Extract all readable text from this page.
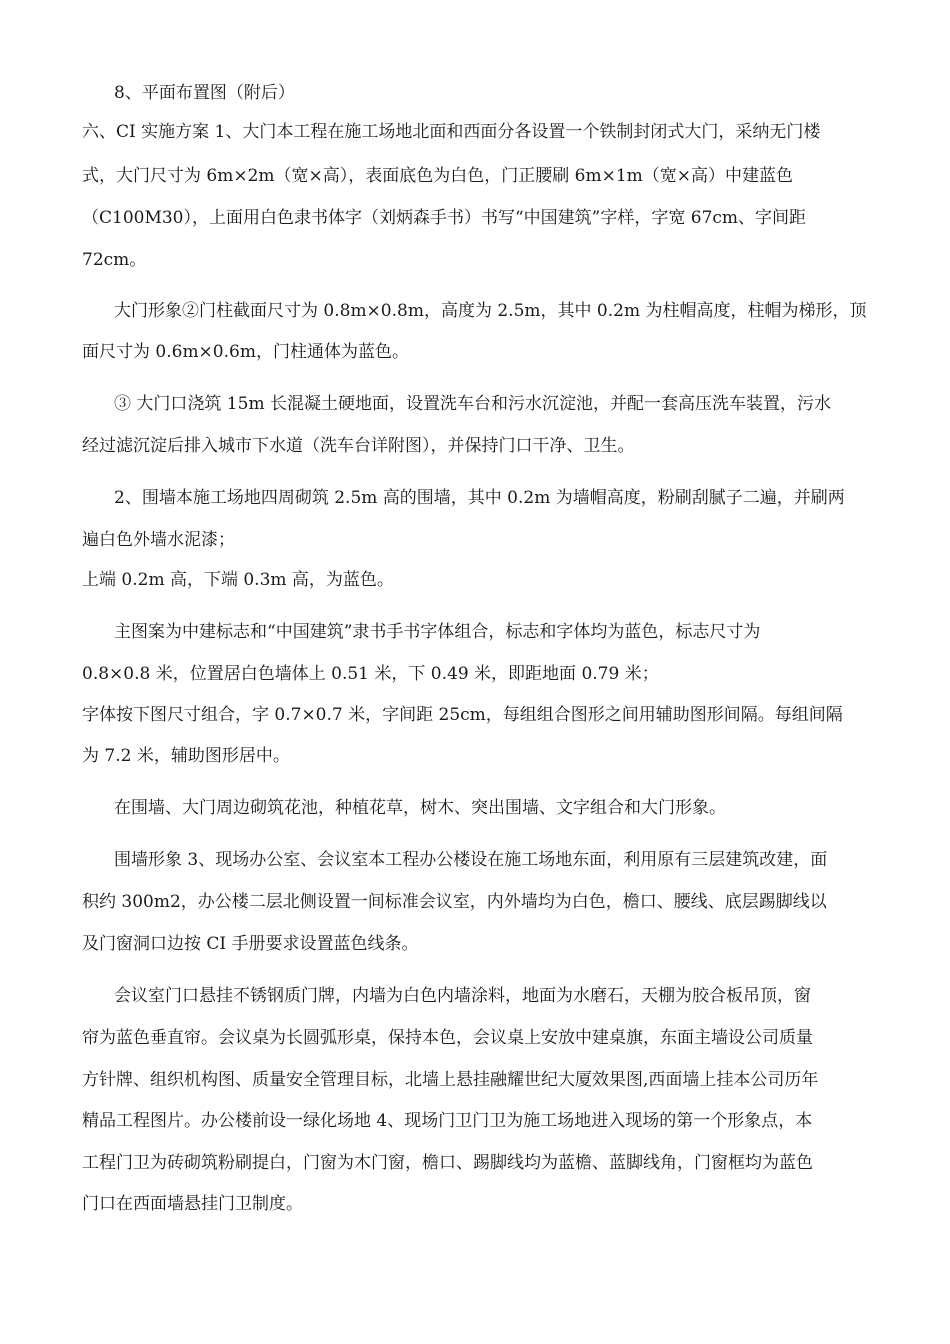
8、平面布置图（附后）
六、CI 实施方案 1、大门本工程在施工场地北面和西面分各设置一个铁制封闭式大门，采纳无门楼
式，大门尺寸为 6m×2m（宽×高），表面底色为白色，门正腰刷 6m×1m（宽×高）中建蓝色
（C100M30），上面用白色隶书体字（刘炳森手书）书写“中国建筑”字样，字宽 67cm、字间距
72cm。
大门形象②门柱截面尺寸为 0.8m×0.8m，高度为 2.5m，其中 0.2m 为柱帽高度，柱帽为梯形，顶
面尺寸为 0.6m×0.6m，门柱通体为蓝色。
③ 大门口浇筑 15m 长混凝土硬地面，设置洗车台和污水沉淀池，并配一套高压洗车装置，污水
经过滤沉淀后排入城市下水道（洗车台详附图），并保持门口干净、卫生。
2、围墙本施工场地四周砌筑 2.5m 高的围墙，其中 0.2m 为墙帽高度，粉刷刮腻子二遍，并刷两
遍白色外墙水泥漆；
上端 0.2m 高，下端 0.3m 高，为蓝色。
主图案为中建标志和“中国建筑”隶书手书字体组合，标志和字体均为蓝色，标志尺寸为
0.8×0.8 米，位置居白色墙体上 0.51 米，下 0.49 米，即距地面 0.79 米；
字体按下图尺寸组合，字 0.7×0.7 米，字间距 25cm，每组组合图形之间用辅助图形间隔。每组间隔
为 7.2 米，辅助图形居中。
在围墙、大门周边砌筑花池，种植花草，树木、突出围墙、文字组合和大门形象。
围墙形象 3、现场办公室、会议室本工程办公楼设在施工场地东面，利用原有三层建筑改建，面
积约 300m2，办公楼二层北侧设置一间标准会议室，内外墙均为白色，檐口、腰线、底层踢脚线以
及门窗洞口边按 CI 手册要求设置蓝色线条。
会议室门口悬挂不锈钢质门牌，内墙为白色内墙涂料，地面为水磨石，天棚为胶合板吊顶，窗
帘为蓝色垂直帘。会议桌为长圆弧形桌，保持本色，会议桌上安放中建桌旗，东面主墙设公司质量
方针牌、组织机构图、质量安全管理目标，北墙上悬挂融耀世纪大厦效果图,西面墙上挂本公司历年
精品工程图片。办公楼前设一绿化场地 4、现场门卫门卫为施工场地进入现场的第一个形象点，本
工程门卫为砖砌筑粉刷提白，门窗为木门窗，檐口、踢脚线均为蓝檐、蓝脚线角，门窗框均为蓝色
门口在西面墙悬挂门卫制度。
